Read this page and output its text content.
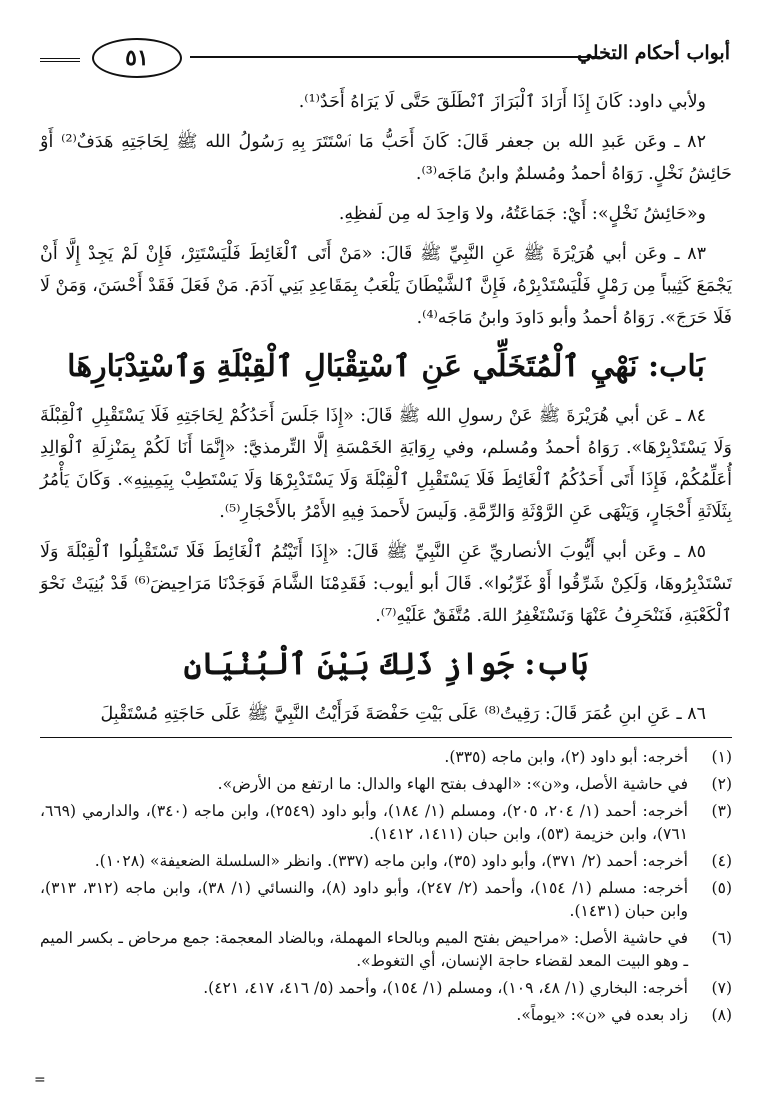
٥١	أبواب أحكام التخلي

ولأبي داود: كَانَ إِذَا أَرَادَ ٱلْبَرَازَ ٱنْطَلَقَ حَتَّى لَا يَرَاهُ أَحَدٌ⁽¹⁾.

٨٢ ـ وعَن عَبدِ الله بن جعفر قَالَ: كَانَ أَحَبُّ مَا ٱسْتَتَرَ بِهِ رَسُولُ الله ﷺ لِحَاجَتِهِ هَدَفٌ⁽²⁾ أَوْ حَائِشُ نَخْلٍ. رَوَاهُ أحمدُ ومُسلمٌ وابنُ مَاجَه⁽³⁾.

و«حَائِشُ نَخْلٍ»: أَيْ: جَمَاعَتُهُ، ولا وَاحِدَ له مِن لَفظِهِ.

٨٣ ـ وعَن أبي هُرَيْرَةَ ﷺ عَنِ النَّبِيِّ ﷺ قَالَ: «مَنْ أَتَى ٱلْغَائِطَ فَلْيَسْتَتِرْ، فَإِنْ لَمْ يَجِدْ إِلَّا أَنْ يَجْمَعَ كَثِيباً مِن رَمْلٍ فَلْيَسْتَدْبِرْهُ، فَإِنَّ ٱلشَّيْطَانَ يَلْعَبُ بِمَقَاعِدِ بَنِي آدَمَ. مَنْ فَعَلَ فَقَدْ أَحْسَنَ، وَمَنْ لَا فَلَا حَرَجَ». رَوَاهُ أحمدُ وأبو دَاودَ وابنُ مَاجَه⁽⁴⁾.

بَاب: نَهْيِ ٱلْمُتَخَلِّي عَنِ ٱسْتِقْبَالِ ٱلْقِبْلَةِ وَٱسْتِدْبَارِهَا

٨٤ ـ عَن أبي هُرَيْرَةَ ﷺ عَنْ رسولِ الله ﷺ قَالَ: «إِذَا جَلَسَ أَحَدُكُمْ لِحَاجَتِهِ فَلَا يَسْتَقْبِلِ ٱلْقِبْلَةَ وَلَا يَسْتَدْبِرْهَا». رَوَاهُ أحمدُ ومُسلم، وفي رِوَايَةِ الخَمْسَةِ إلَّا التِّرمذيَّ: «إِنَّمَا أَنَا لَكُمْ بِمَنْزِلَةِ ٱلْوَالِدِ أُعَلِّمُكُمْ، فَإِذَا أَتَى أَحَدُكُمُ ٱلْغَائِطَ فَلَا يَسْتَقْبِلِ ٱلْقِبْلَةَ وَلَا يَسْتَدْبِرْهَا وَلَا يَسْتَطِبْ بِيَمِينِهِ». وَكَانَ يَأْمُرُ بِثَلَاثَةِ أَحْجَارٍ، وَيَنْهَى عَنِ الرَّوْثَةِ وَالرِّمَّةِ. وَلَيسَ لأَحمدَ فِيهِ الأَمْرُ بالأَحْجَارِ⁽⁵⁾.

٨٥ ـ وعَن أبي أَيُّوبَ الأنصاريِّ عَنِ النَّبِيِّ ﷺ قَالَ: «إِذَا أَتَيْتُمُ ٱلْغَائِطَ فَلَا تَسْتَقْبِلُوا ٱلْقِبْلَةَ وَلَا تَسْتَدْبِرُوهَا، وَلَكِنْ شَرِّقُوا أَوْ غَرِّبُوا». قَالَ أبو أيوب: فَقَدِمْنَا الشَّامَ فَوَجَدْنَا مَرَاحِيضَ⁽⁶⁾ قَدْ بُنِيَتْ نَحْوَ ٱلْكَعْبَةِ، فَنَنْحَرِفُ عَنْهَا وَنَسْتَغْفِرُ اللهَ. مُتَّفَقٌ عَلَيْهِ⁽⁷⁾.

بَاب: جَوازِ ذَلِكَ بَيْنَ ٱلْبُنْيَانِ

٨٦ ـ عَنِ ابنِ عُمَرَ قَالَ: رَقِيتُ⁽⁸⁾ عَلَى بَيْتِ حَفْصَةَ فَرَأَيْتُ النَّبِيَّ ﷺ عَلَى حَاجَتِهِ مُسْتَقْبِلَ

(١)
أخرجه: أبو داود (٢)، وابن ماجه (٣٣٥).
(٢)
في حاشية الأصل، و«ن»: «الهدف بفتح الهاء والدال: ما ارتفع من الأرض».
(٣)
أخرجه: أحمد (١/ ٢٠٤، ٢٠٥)، ومسلم (١/ ١٨٤)، وأبو داود (٢٥٤٩)، وابن ماجه (٣٤٠)، والدارمي (٦٦٩، ٧٦١)، وابن خزيمة (٥٣)، وابن حبان (١٤١١، ١٤١٢).
(٤)
أخرجه: أحمد (٢/ ٣٧١)، وأبو داود (٣٥)، وابن ماجه (٣٣٧). وانظر «السلسلة الضعيفة» (١٠٢٨).
(٥)
أخرجه: مسلم (١/ ١٥٤)، وأحمد (٢/ ٢٤٧)، وأبو داود (٨)، والنسائي (١/ ٣٨)، وابن ماجه (٣١٢، ٣١٣)، وابن حبان (١٤٣١).
(٦)
في حاشية الأصل: «مراحيض بفتح الميم وبالحاء المهملة، وبالضاد المعجمة: جمع مرحاض ـ بكسر الميم ـ وهو البيت المعد لقضاء حاجة الإنسان، أي التغوط».
(٧)
أخرجه: البخاري (١/ ٤٨، ١٠٩)، ومسلم (١/ ١٥٤)، وأحمد (٥/ ٤١٦، ٤١٧، ٤٢١).
(٨)
زاد بعده في «ن»: «يوماً».
=
